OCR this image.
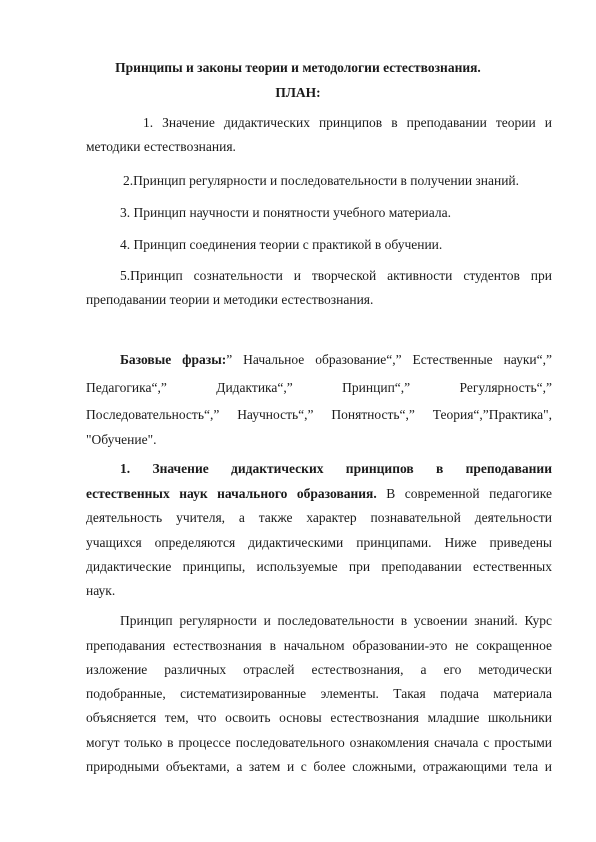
Принципы и законы теории и методологии естествознания.
ПЛАН:
1. Значение дидактических принципов в преподавании теории и
методики естествознания.
2.Принцип регулярности и последовательности в получении знаний.
3. Принцип научности и понятности учебного материала.
4. Принцип соединения теории с практикой в обучении.
5.Принцип сознательности и творческой активности студентов при
преподавании теории и методики естествознания.
Базовые фразы:” Начальное образование“,” Естественные науки“,”
Педагогика“,” Дидактика“,” Принцип“,” Регулярность“,”
Последовательность“,” Научность“,” Понятность“,” Теория“,”Практика",
"Обучение".
1. Значение дидактических принципов в преподавании
естественных наук начального образования. В современной педагогике
деятельность учителя, а также характер познавательной деятельности
учащихся определяются дидактическими принципами. Ниже приведены
дидактические принципы, используемые при преподавании естественных
наук.
Принцип регулярности и последовательности в усвоении знаний. Курс
преподавания естествознания в начальном образовании-это не сокращенное
изложение различных отраслей естествознания, а его методически
подобранные, систематизированные элементы. Такая подача материала
объясняется тем, что освоить основы естествознания младшие школьники
могут только в процессе последовательного ознакомления сначала с простыми
природными объектами, а затем и с более сложными, отражающими тела и
